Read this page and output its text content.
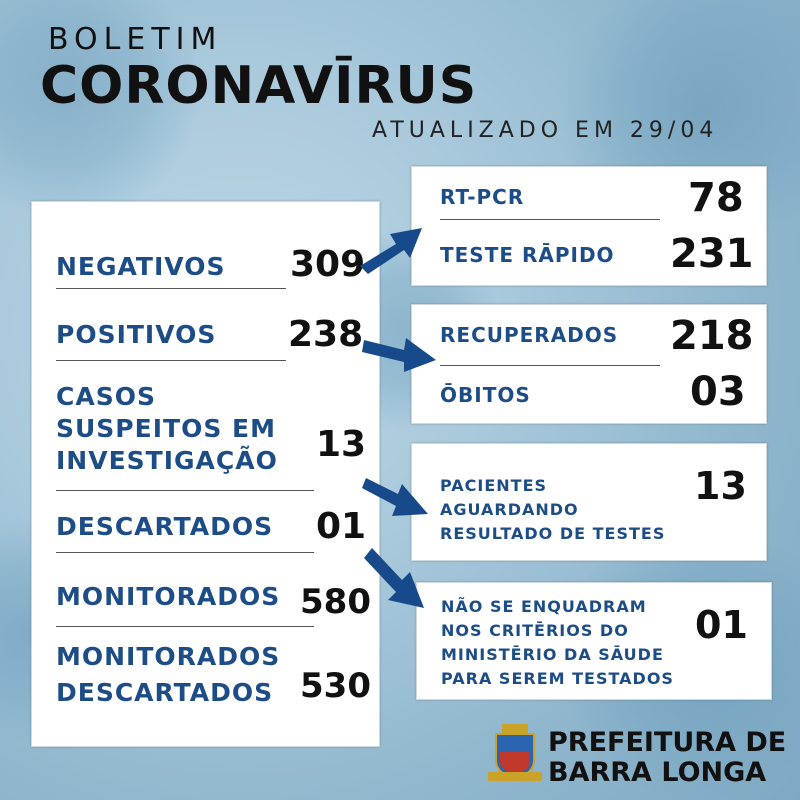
BOLETIM
CORONAVĪRUS
ATUALIZADO EM 29/04
NEGATIVOS 309
POSITIVOS 238
CASOS
SUSPEITOS EM
INVESTIGAÇÃO 13
DESCARTADOS 01
MONITORADOS 580
MONITORADOS
DESCARTADOS 530
RT-PCR	78
TESTE RĀPIDO 231
RECUPERADOS 218
ŌBITOS	03
PACIENTES
AGUARDANDO
RESULTADO DE TESTES
13
NÃO SE ENQUADRAM
NOS CRITĒRIOS DO
MINISTĒRIO DA SĀUDE
PARA SEREM TESTADOS
01
PREFEITURA DE
BARRA LONGA
